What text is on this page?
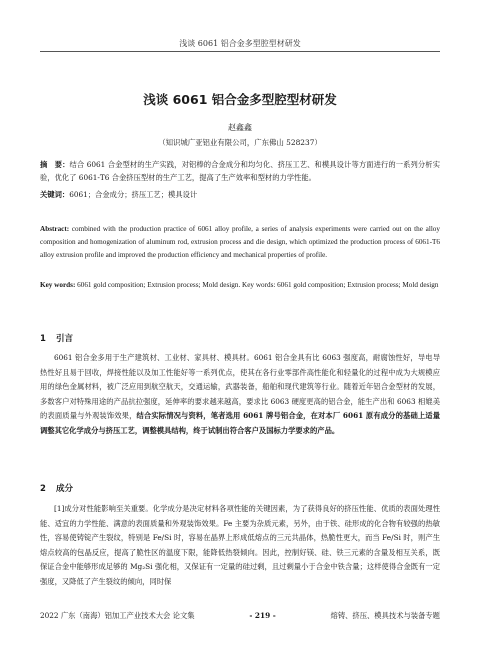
浅谈 6061 铝合金多型腔型材研发
浅谈 6061 铝合金多型腔型材研发
赵鑫鑫
（知识城广亚铝业有限公司，广东佛山 528237）
摘　要：结合 6061 合金型材的生产实践，对铝棒的合金成分和均匀化、挤压工艺、和模具设计等方面进行的一系列分析实验，优化了 6061-T6 合金挤压型材的生产工艺，提高了生产效率和型材的力学性能。
关键词：6061；合金成分；挤压工艺；模具设计
Abstract: combined with the production practice of 6061 alloy profile, a series of analysis experiments were carried out on the alloy composition and homogenization of aluminum rod, extrusion process and die design, which optimized the production process of 6061-T6 alloy extrusion profile and improved the production efficiency and mechanical properties of profile.
Key words: 6061 gold composition; Extrusion process; Mold design. Key words: 6061 gold composition; Extrusion process; Mold design
1 引言
6061 铝合金多用于生产建筑材、工业材、家具材、模具材。6061 铝合金具有比 6063 强度高，耐腐蚀性好，导电导热性好且易于回收，焊接性能以及加工性能好等一系列优点，使其在各行业零部件高性能化和轻量化的过程中成为大规模应用的绿色金属材料，被广泛应用到航空航天，交通运输，武器装备，船舶和现代建筑等行业。随着近年铝合金型材的发展，多数客户对特殊用途的产品抗拉强度，延伸率的要求越来越高，要求比 6063 硬度更高的铝合金，能生产出和 6063 相媲美的表面质量与外观装饰效果，结合实际情况与资料，笔者选用 6061 牌号铝合金，在对本厂 6061 原有成分的基础上适量调整其它化学成分与挤压工艺，调整模具结构，终于试制出符合客户及国标力学要求的产品。
2 成分
[1]成分对性能影响至关重要。化学成分是决定材料各项性能的关键因素，为了获得良好的挤压性能、优质的表面处理性能、适宜的力学性能、满意的表面质量和外观装饰效果。Fe 主要为杂质元素，另外，由于铁、硅形成的化合物有较强的热敏性，容易使铸锭产生裂纹，特别是 Fe/Si 时，容易在晶界上形成低熔点的三元共晶体，热脆性更大，而当 Fe/Si 时，则产生熔点较高的包晶反应，提高了脆性区的温度下限，能降低热裂倾向。因此，控制好镁、硅、铁三元素的含量及相互关系，既保证合金中能够形成足够的 Mg₂Si 强化相，又保证有一定量的硅过剩，且过剩量小于合金中铁含量；这样使得合金既有一定强度，又降低了产生裂纹的倾向，同时保
2022 广东（南海）铝加工产业技术大会 论文集	- 219 -	熔铸、挤压、模具技术与装备专题
